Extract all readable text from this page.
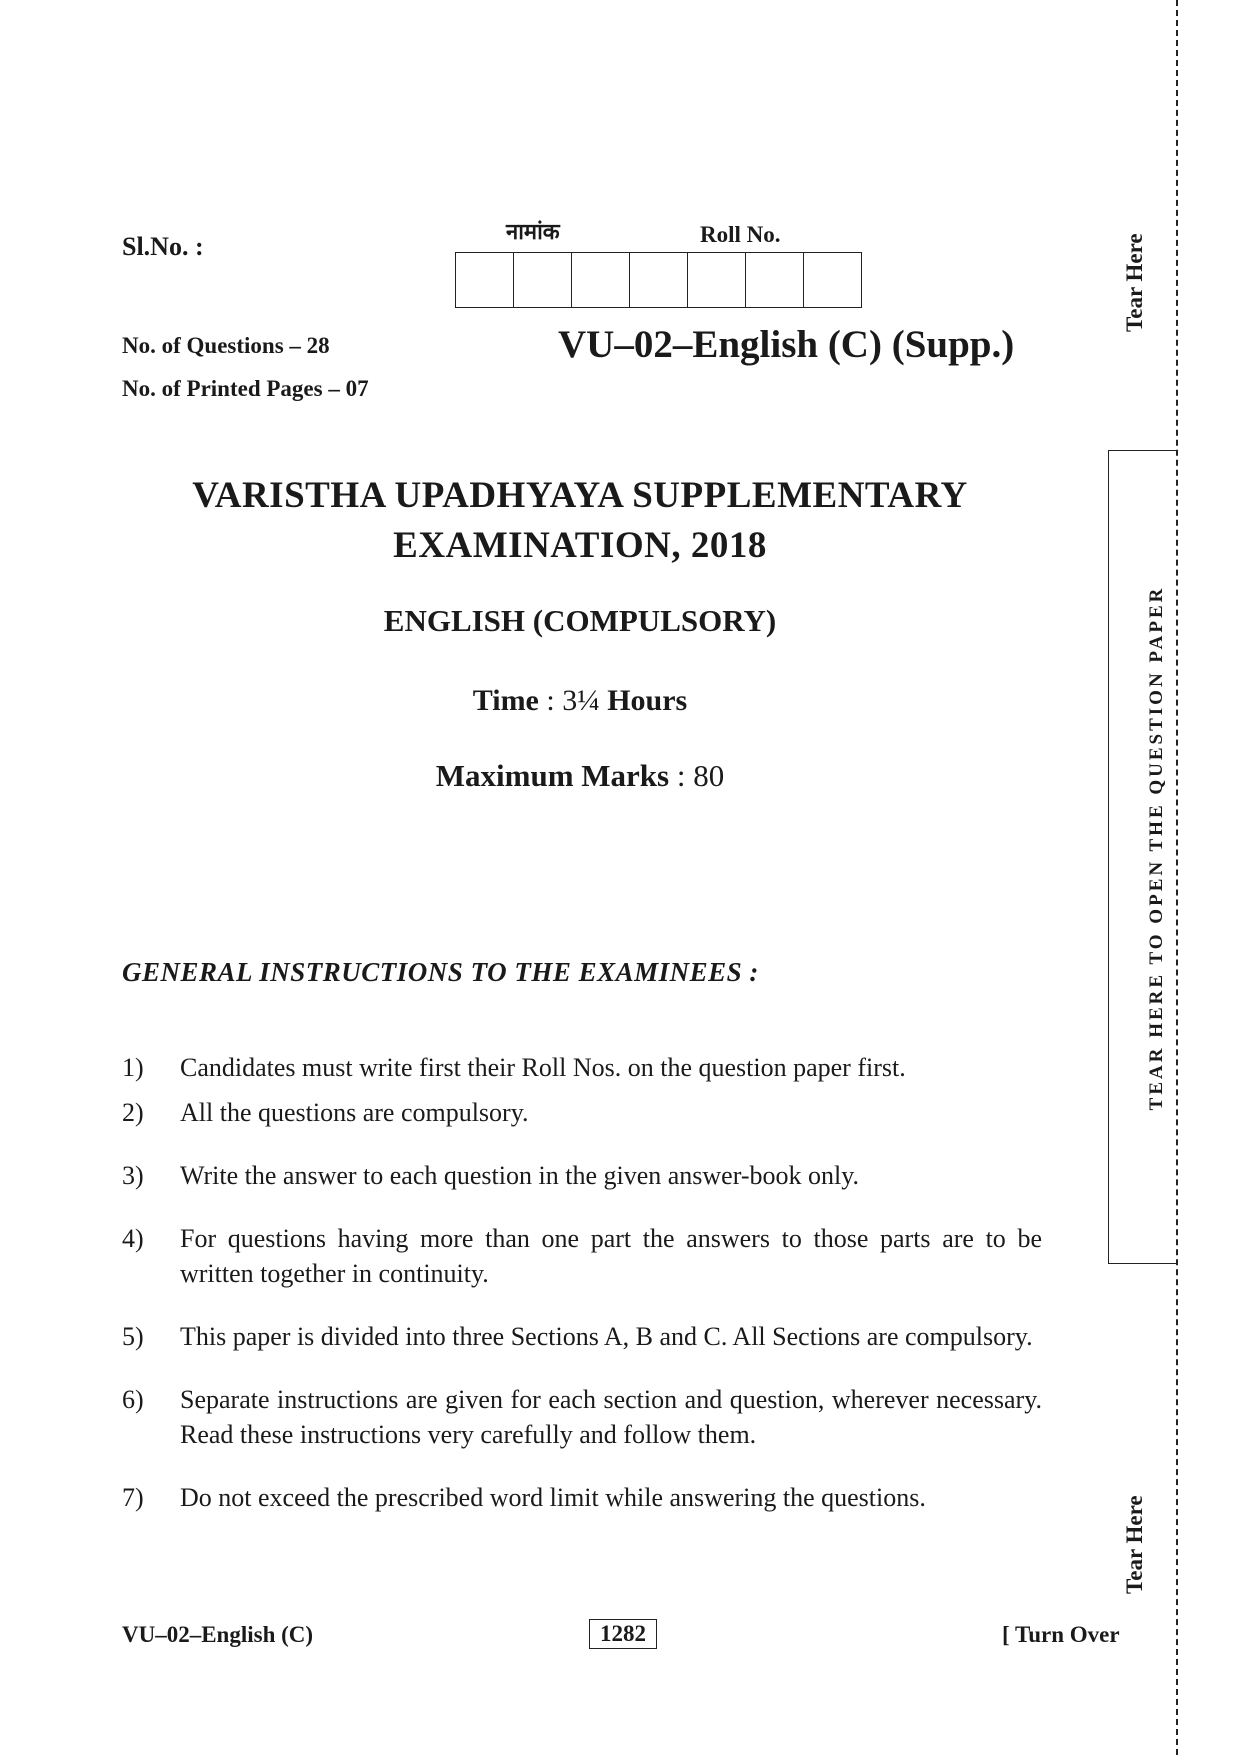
Sl.No. :	नामांक	Roll No.
No. of Questions – 28
No. of Printed Pages – 07
VU–02–English (C) (Supp.)
VARISTHA UPADHYAYA SUPPLEMENTARY
EXAMINATION, 2018
ENGLISH (COMPULSORY)
Time : 3¼ Hours
Maximum Marks : 80
GENERAL INSTRUCTIONS TO THE EXAMINEES :
1)	Candidates must write first their Roll Nos. on the question paper first.
2)	All the questions are compulsory.
3)	Write the answer to each question in the given answer-book only.
4)	For questions having more than one part the answers to those parts are to be written together in continuity.
5)	This paper is divided into three Sections A, B and C. All Sections are compulsory.
6)	Separate instructions are given for each section and question, wherever necessary. Read these instructions very carefully and follow them.
7)	Do not exceed the prescribed word limit while answering the questions.
VU–02–English (C)	1282	[ Turn Over
Tear Here
Tear Here
TEAR HERE TO OPEN THE QUESTION PAPER
